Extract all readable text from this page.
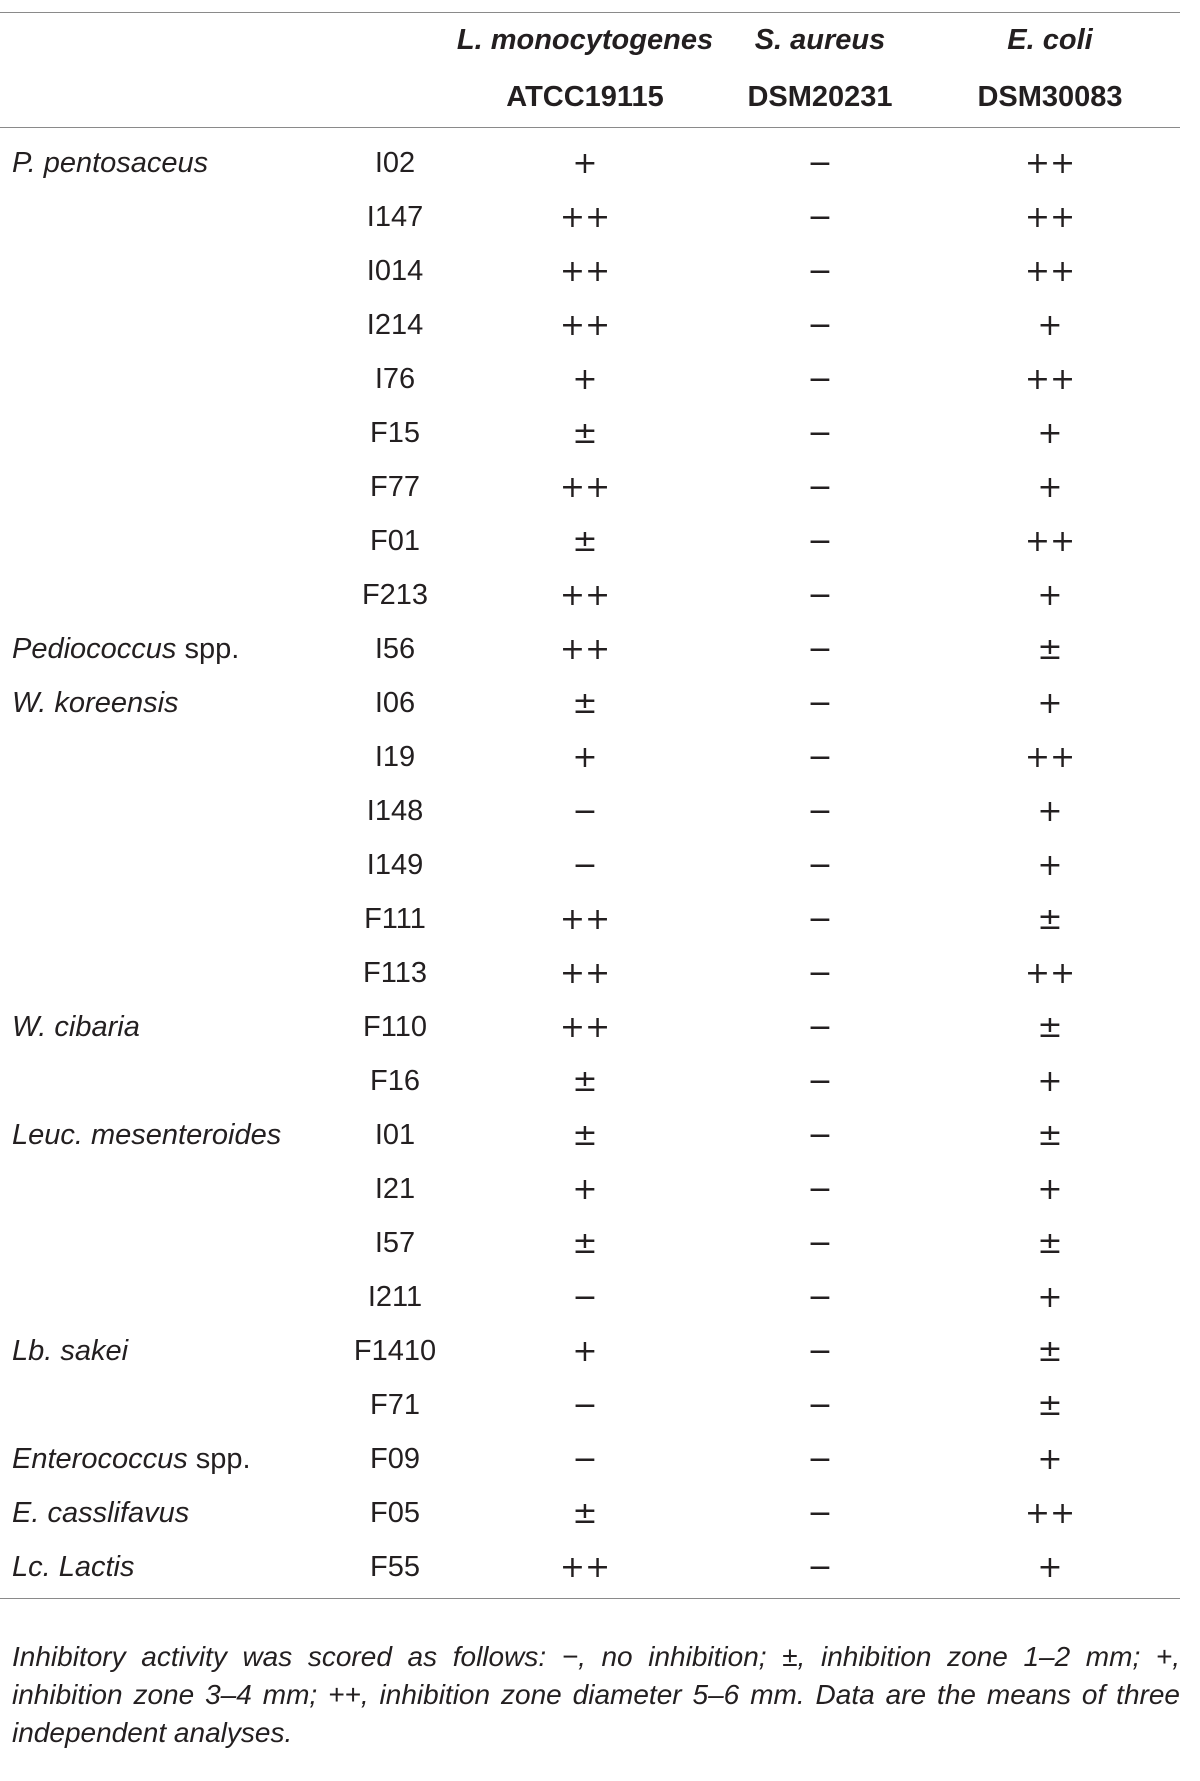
		L. monocytogenes	S. aureus	E. coli
		ATCC19115	DSM20231	DSM30083
P. pentosaceus	I02	+	−	++
	I147	++	−	++
	I014	++	−	++
	I214	++	−	+
	I76	+	−	++
	F15	±	−	+
	F77	++	−	+
	F01	±	−	++
	F213	++	−	+
Pediococcus spp.	I56	++	−	±
W. koreensis	I06	±	−	+
	I19	+	−	++
	I148	−	−	+
	I149	−	−	+
	F111	++	−	±
	F113	++	−	++
W. cibaria	F110	++	−	±
	F16	±	−	+
Leuc. mesenteroides	I01	±	−	±
	I21	+	−	+
	I57	±	−	±
	I211	−	−	+
Lb. sakei	F1410	+	−	±
	F71	−	−	±
Enterococcus spp.	F09	−	−	+
E. casslifavus	F05	±	−	++
Lc. Lactis	F55	++	−	+
Inhibitory activity was scored as follows: −, no inhibition; ±, inhibition zone 1–2 mm; +, inhibition zone 3–4 mm; ++, inhibition zone diameter 5–6 mm. Data are the means of three independent analyses.
